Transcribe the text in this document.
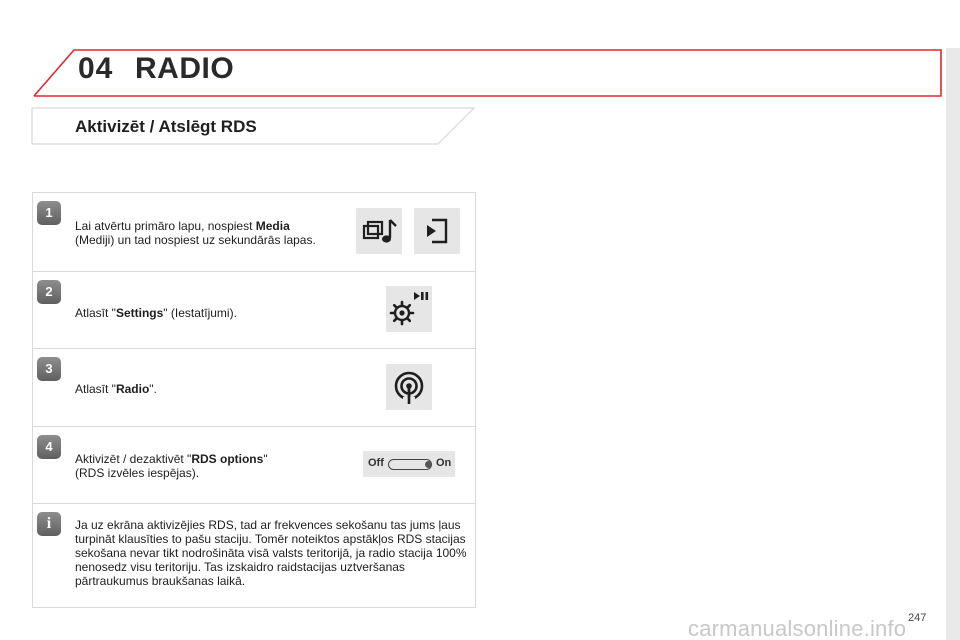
04 RADIO
Aktivizēt / Atslēgt RDS
1
Lai atvērtu primāro lapu, nospiest Media
(Mediji) un tad nospiest uz sekundārās lapas.
2
Atlasīt "Settings" (Iestatījumi).
3
Atlasīt "Radio".
4
Aktivizēt / dezaktivēt "RDS options"
(RDS izvēles iespējas).
i	Ja uz ekrāna aktivizējies RDS, tad ar frekvences sekošanu tas jums ļaus turpināt klausīties to pašu staciju. Tomēr noteiktos apstākļos RDS stacijas sekošana nevar tikt nodrošināta visā valsts teritorijā, ja radio stacija 100% nenosedz visu teritoriju. Tas izskaidro raidstacijas uztveršanas pārtraukumus braukšanas laikā.
Off	On
carmanualsonline.info 247
